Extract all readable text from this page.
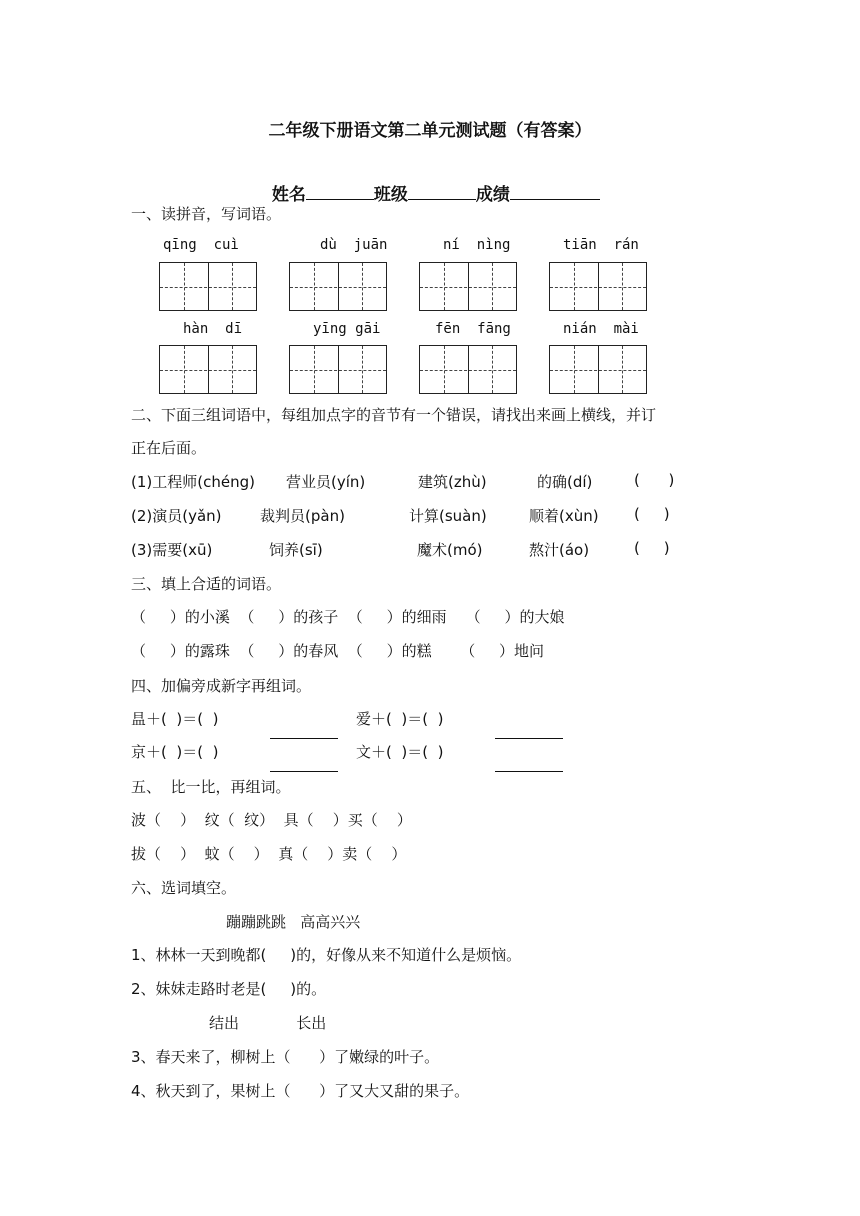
二年级下册语文第二单元测试题（有答案）

姓名	班级	成绩

一、读拼音，写词语。
qīng  cuì	dù  juān	ní  nìng	tiān  rán
hàn  dī	yīng gāi	fēn  fāng	nián  mài
二、下面三组词语中，每组加点字的音节有一个错误，请找出来画上横线，并订
正在后面。
(1)工程师(chéng) 营业员(yín)	建筑(zhù)	的确(dí)	(      )
(2)演员(yǎn)	裁判员(pàn)	计算(suàn)	顺着(xùn) (     )
(3)需要(xū)	饲养(sī)	魔术(mó)	熬汁(áo)	(     )
三、填上合适的词语。
（     ）的小溪  （     ）的孩子  （     ）的细雨    （     ）的大娘
（     ）的露珠  （     ）的春风  （     ）的糕      （     ）地问
四、加偏旁成新字再组词。
昷＋(  )＝(  )	爱＋(  )＝(  )
京＋(  )＝(  )	文＋(  )＝(  )
五、  比一比，再组词。
波（    ）  纹（  纹）  具（    ）买（    ）
拔（    ）  蚊（    ）  真（    ）卖（    ）
六、选词填空。
蹦蹦跳跳   高高兴兴
1、林林一天到晚都(     )的，好像从来不知道什么是烦恼。
2、妹妹走路时老是(     )的。
结出            长出
3、春天来了，柳树上（      ）了嫩绿的叶子。
4、秋天到了，果树上（      ）了又大又甜的果子。
